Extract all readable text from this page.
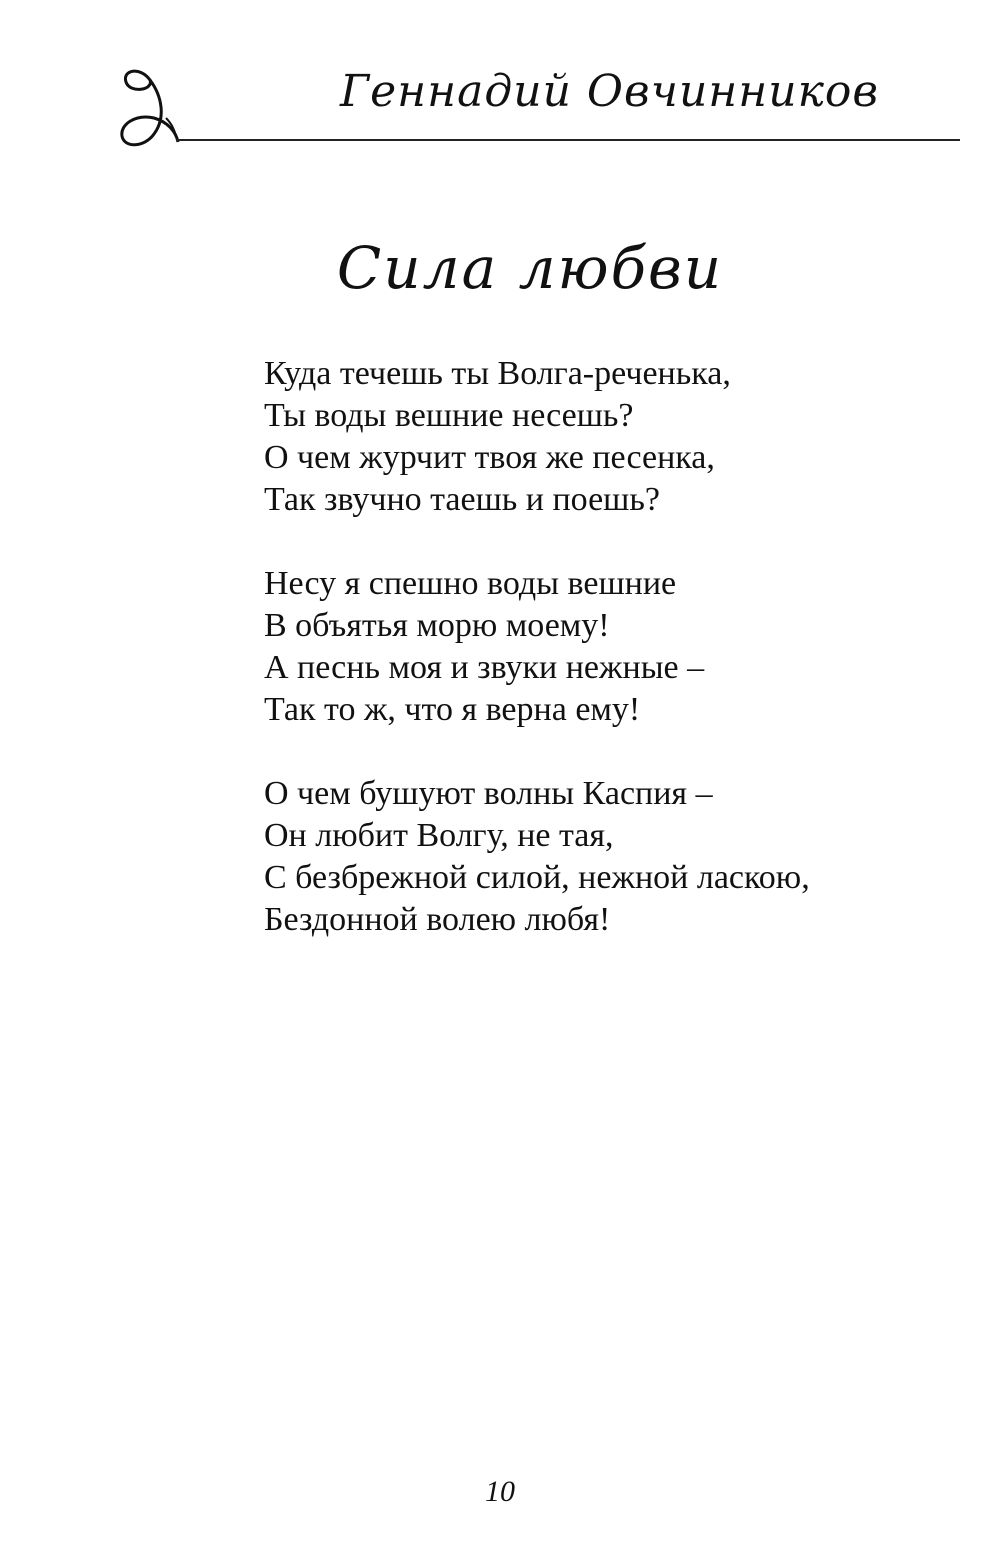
Геннадий Овчинников
Сила любви
Куда течешь ты Волга-реченька,
Ты воды вешние несешь?
О чем журчит твоя же песенка,
Так звучно таешь и поешь?
Несу я спешно воды вешние
В объятья морю моему!
А песнь моя и звуки нежные –
Так то ж, что я верна ему!
О чем бушуют волны Каспия –
Он любит Волгу, не тая,
С безбрежной силой, нежной ласкою,
Бездонной волею любя!
10
